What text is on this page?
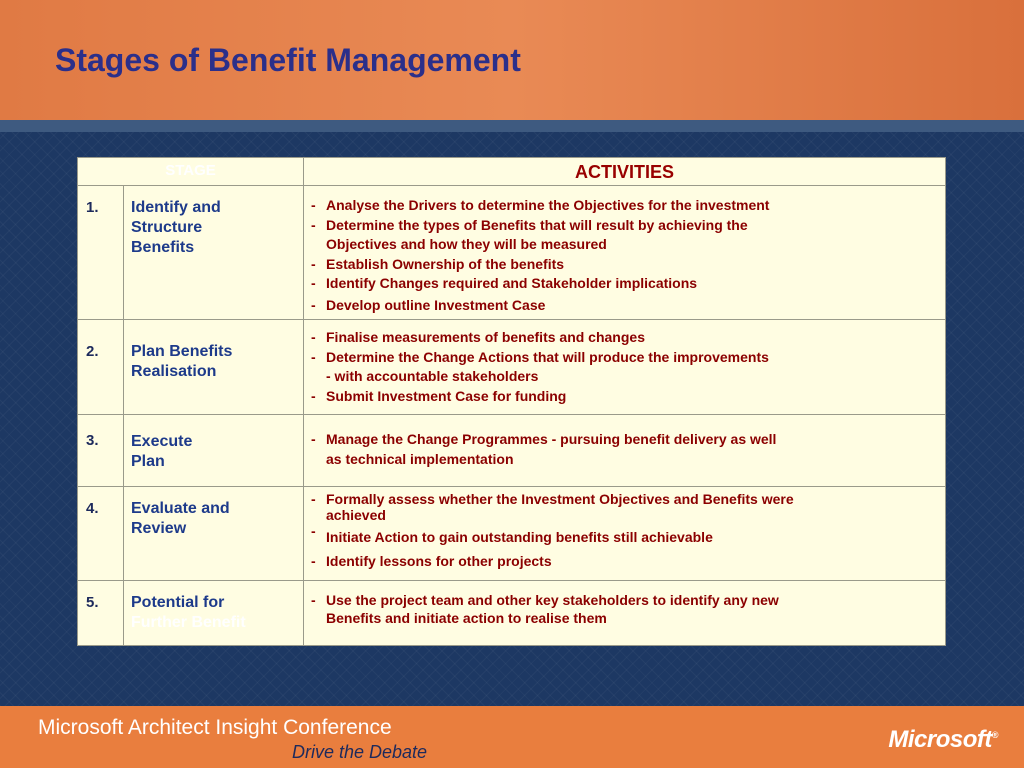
Stages of Benefit Management
STAGE	ACTIVITIES
1. Identify and
Structure
Benefits
- Analyse the Drivers to determine the Objectives for the investment
- Determine the types of Benefits that will result by achieving the
Objectives and how they will be measured
- Establish Ownership of the benefits
- Identify Changes required and Stakeholder implications
- Develop outline Investment Case
2. Plan Benefits
Realisation
- Finalise measurements of benefits and changes
- Determine the Change Actions that will produce the improvements
- with accountable stakeholders
- Submit Investment Case for funding
3. Execute
Plan
- Manage the Change Programmes - pursuing benefit delivery as well
as technical implementation
4. Evaluate and
Review
- Formally assess whether the Investment Objectives and Benefits were
achieved
- Initiate Action to gain outstanding benefits still achievable
- Identify lessons for other projects
5. Potential for
Further Benefit
- Use the project team and other key stakeholders to identify any new
Benefits and initiate action to realise them
Microsoft Architect Insight Conference
Drive the Debate	Microsoft®
